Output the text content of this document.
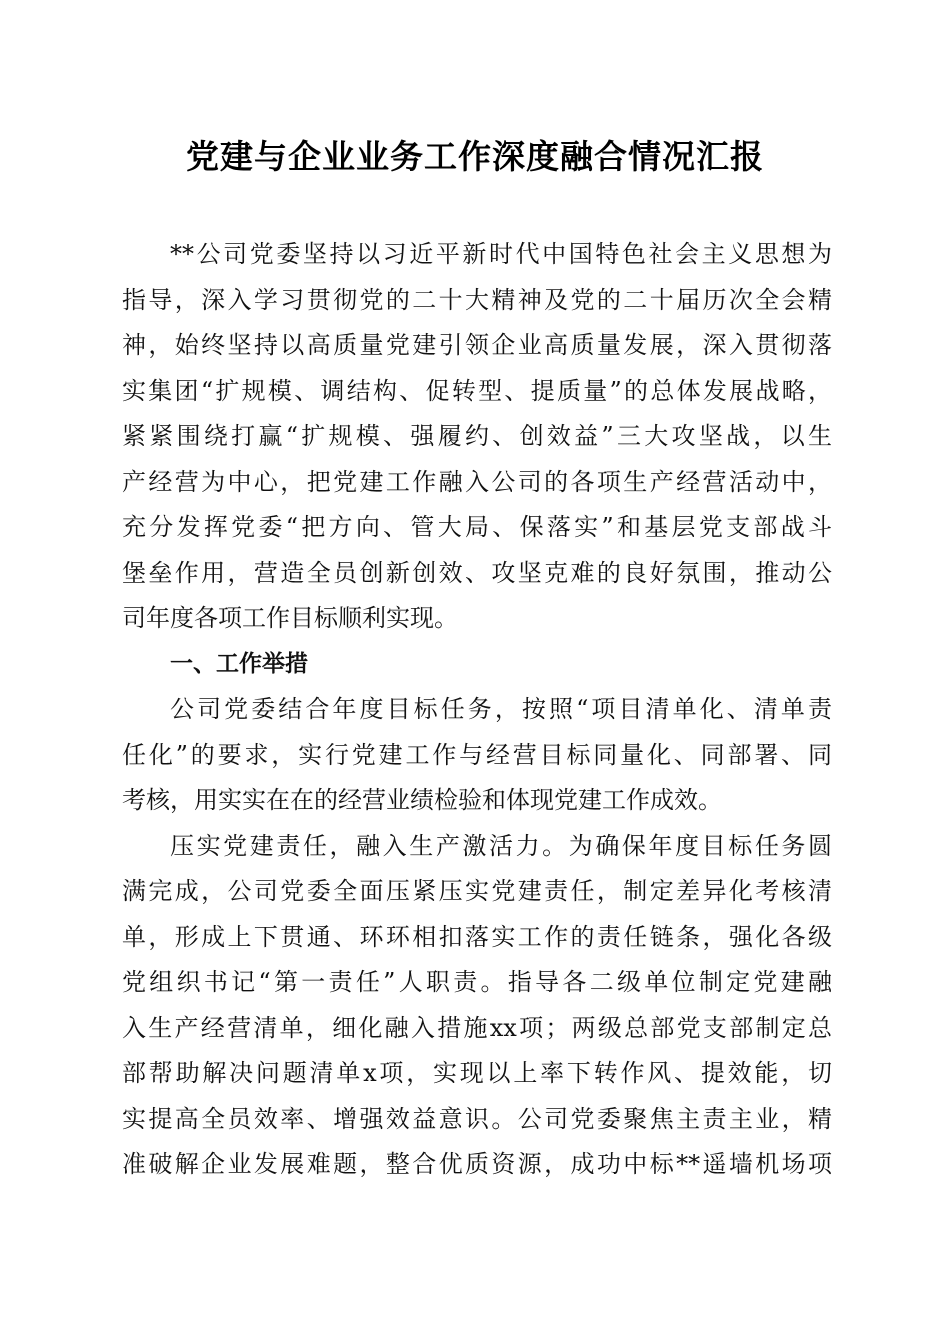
党建与企业业务工作深度融合情况汇报
**公司党委坚持以习近平新时代中国特色社会主义思想为
指导，深入学习贯彻党的二十大精神及党的二十届历次全会精
神，始终坚持以高质量党建引领企业高质量发展，深入贯彻落
实集团“扩规模、调结构、促转型、提质量”的总体发展战略，
紧紧围绕打赢“扩规模、强履约、创效益”三大攻坚战，以生
产经营为中心，把党建工作融入公司的各项生产经营活动中，
充分发挥党委“把方向、管大局、保落实”和基层党支部战斗
堡垒作用，营造全员创新创效、攻坚克难的良好氛围，推动公
司年度各项工作目标顺利实现。
一、工作举措
公司党委结合年度目标任务，按照“项目清单化、清单责
任化”的要求，实行党建工作与经营目标同量化、同部署、同
考核，用实实在在的经营业绩检验和体现党建工作成效。
压实党建责任，融入生产激活力。为确保年度目标任务圆
满完成，公司党委全面压紧压实党建责任，制定差异化考核清
单，形成上下贯通、环环相扣落实工作的责任链条，强化各级
党组织书记“第一责任”人职责。指导各二级单位制定党建融
入生产经营清单，细化融入措施xx项；两级总部党支部制定总
部帮助解决问题清单x项，实现以上率下转作风、提效能，切
实提高全员效率、增强效益意识。公司党委聚焦主责主业，精
准破解企业发展难题，整合优质资源，成功中标**遥墙机场项
